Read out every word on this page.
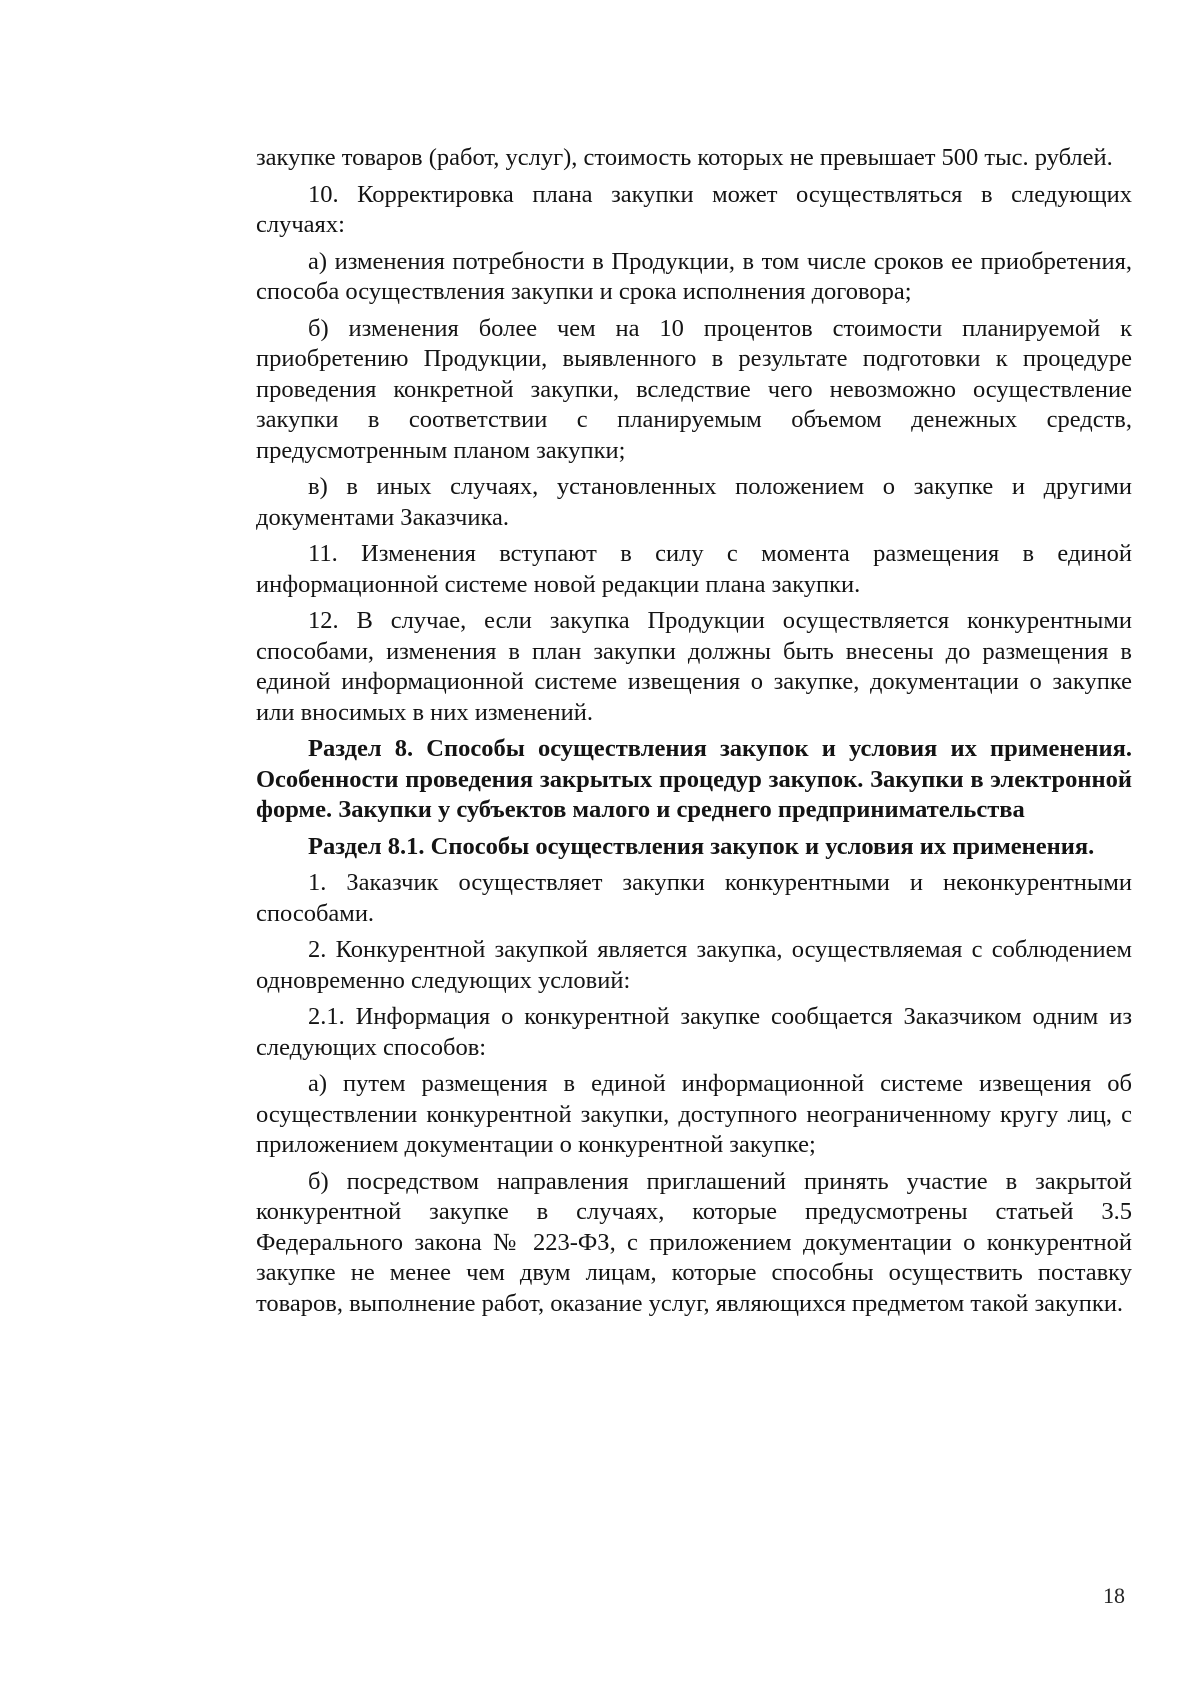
закупке товаров (работ, услуг), стоимость которых не превышает 500 тыс. рублей.

10. Корректировка плана закупки может осуществляться в следующих случаях:

а) изменения потребности в Продукции, в том числе сроков ее приобретения, способа осуществления закупки и срока исполнения договора;

б) изменения более чем на 10 процентов стоимости планируемой к приобретению Продукции, выявленного в результате подготовки к процедуре проведения конкретной закупки, вследствие чего невозможно осуществление закупки в соответствии с планируемым объемом денежных средств, предусмотренным планом закупки;

в) в иных случаях, установленных положением о закупке и другими документами Заказчика.

11. Изменения вступают в силу с момента размещения в единой информационной системе новой редакции плана закупки.

12. В случае, если закупка Продукции осуществляется конкурентными способами, изменения в план закупки должны быть внесены до размещения в единой информационной системе извещения о закупке, документации о закупке или вносимых в них изменений.

Раздел 8. Способы осуществления закупок и условия их применения. Особенности проведения закрытых процедур закупок. Закупки в электронной форме. Закупки у субъектов малого и среднего предпринимательства

Раздел 8.1. Способы осуществления закупок и условия их применения.

1. Заказчик осуществляет закупки конкурентными и неконкурентными способами.

2. Конкурентной закупкой является закупка, осуществляемая с соблюдением одновременно следующих условий:

2.1. Информация о конкурентной закупке сообщается Заказчиком одним из следующих способов:

а) путем размещения в единой информационной системе извещения об осуществлении конкурентной закупки, доступного неограниченному кругу лиц, с приложением документации о конкурентной закупке;

б) посредством направления приглашений принять участие в закрытой конкурентной закупке в случаях, которые предусмотрены статьей 3.5 Федерального закона № 223-ФЗ, с приложением документации о конкурентной закупке не менее чем двум лицам, которые способны осуществить поставку товаров, выполнение работ, оказание услуг, являющихся предметом такой закупки.

18
